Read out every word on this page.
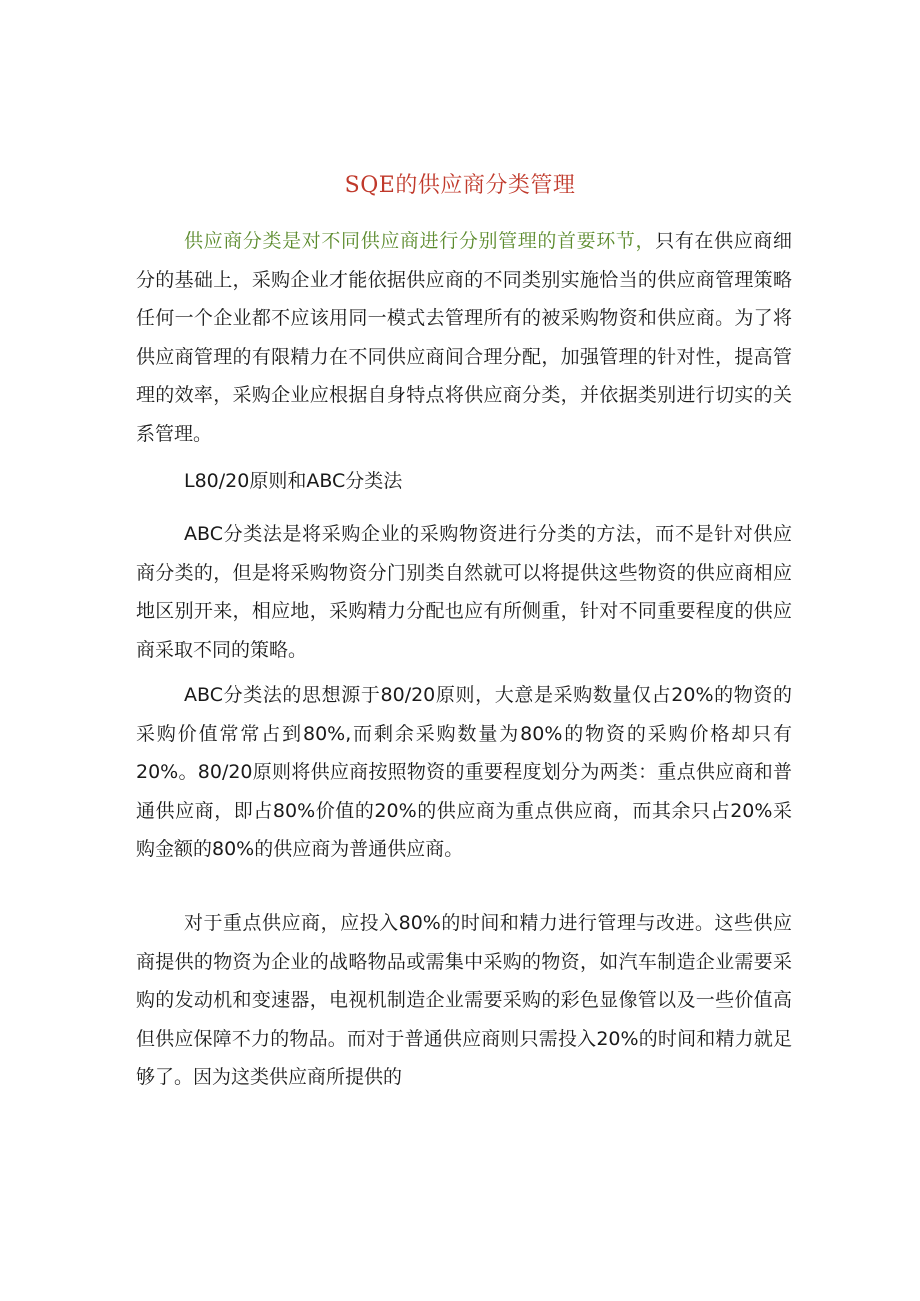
SQE的供应商分类管理

供应商分类是对不同供应商进行分别管理的首要环节，只有在供应商细分的基础上，采购企业才能依据供应商的不同类别实施恰当的供应商管理策略任何一个企业都不应该用同一模式去管理所有的被采购物资和供应商。为了将供应商管理的有限精力在不同供应商间合理分配，加强管理的针对性，提高管理的效率，采购企业应根据自身特点将供应商分类，并依据类别进行切实的关系管理。

L80/20原则和ABC分类法

ABC分类法是将采购企业的采购物资进行分类的方法，而不是针对供应商分类的，但是将采购物资分门别类自然就可以将提供这些物资的供应商相应地区别开来，相应地，采购精力分配也应有所侧重，针对不同重要程度的供应商采取不同的策略。

ABC分类法的思想源于80/20原则，大意是采购数量仅占20%的物资的采购价值常常占到80%,而剩余采购数量为80%的物资的采购价格却只有20%。80/20原则将供应商按照物资的重要程度划分为两类：重点供应商和普通供应商，即占80%价值的20%的供应商为重点供应商，而其余只占20%采购金额的80%的供应商为普通供应商。

对于重点供应商，应投入80%的时间和精力进行管理与改进。这些供应商提供的物资为企业的战略物品或需集中采购的物资，如汽车制造企业需要采购的发动机和变速器，电视机制造企业需要采购的彩色显像管以及一些价值高但供应保障不力的物品。而对于普通供应商则只需投入20%的时间和精力就足够了。因为这类供应商所提供的
